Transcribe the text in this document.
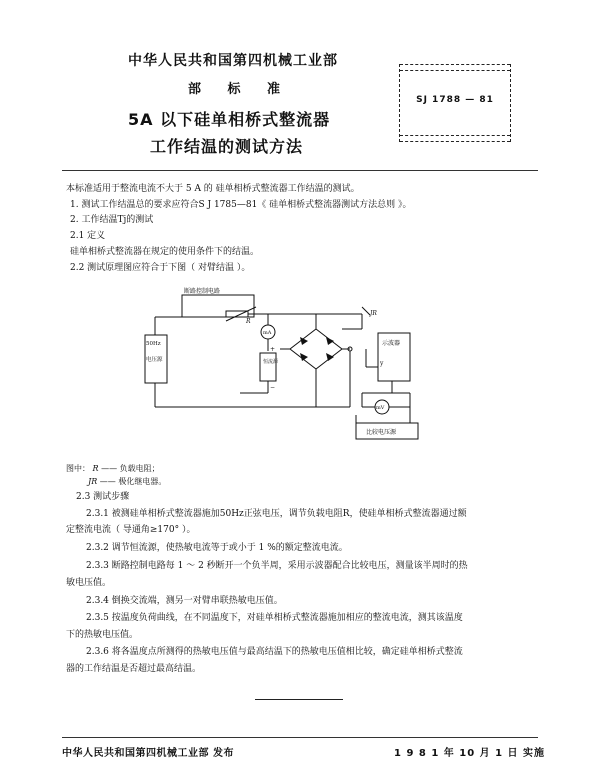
中华人民共和国第四机械工业部
部 标 准
5A 以下硅单相桥式整流器
工作结温的测试方法
SJ 1788 — 81
本标准适用于整流电流不大于 5 A 的 硅单相桥式整流器工作结温的测试。
1. 测试工作结温总的要求应符合S J 1785—81《 硅单相桥式整流器测试方法总则 》。
2. 工作结温Tj的测试
2.1 定义
硅单相桥式整流器在规定的使用条件下的结温。
2.2 测试原理图应符合于下图（ 对臂结温 ）。
断路控制电路
R
50Hz
电压源
mA
+
恒流源
−
JR
示波器
y
mV
比较电压源
图中： R —— 负载电阻；
JR —— 极化继电器。
2.3 测试步骤
2.3.1 被测硅单相桥式整流器施加50Hz正弦电压，调节负载电阻R，使硅单相桥式整流器通过额
定整流电流（ 导通角≥170° ）。
2.3.2 调节恒流源，使热敏电流等于或小于 1 %的额定整流电流。
2.3.3 断路控制电路每 1 ～ 2 秒断开一个负半周，采用示波器配合比较电压，测量该半周时的热
敏电压值。
2.3.4 倒换交流端，测另一对臂串联热敏电压值。
2.3.5 按温度负荷曲线，在不同温度下，对硅单相桥式整流器施加相应的整流电流，测其该温度
下的热敏电压值。
2.3.6 将各温度点所测得的热敏电压值与最高结温下的热敏电压值相比较，确定硅单相桥式整流
器的工作结温是否超过最高结温。
中华人民共和国第四机械工业部 发布	1 9 8 1 年 10 月 1 日 实施
